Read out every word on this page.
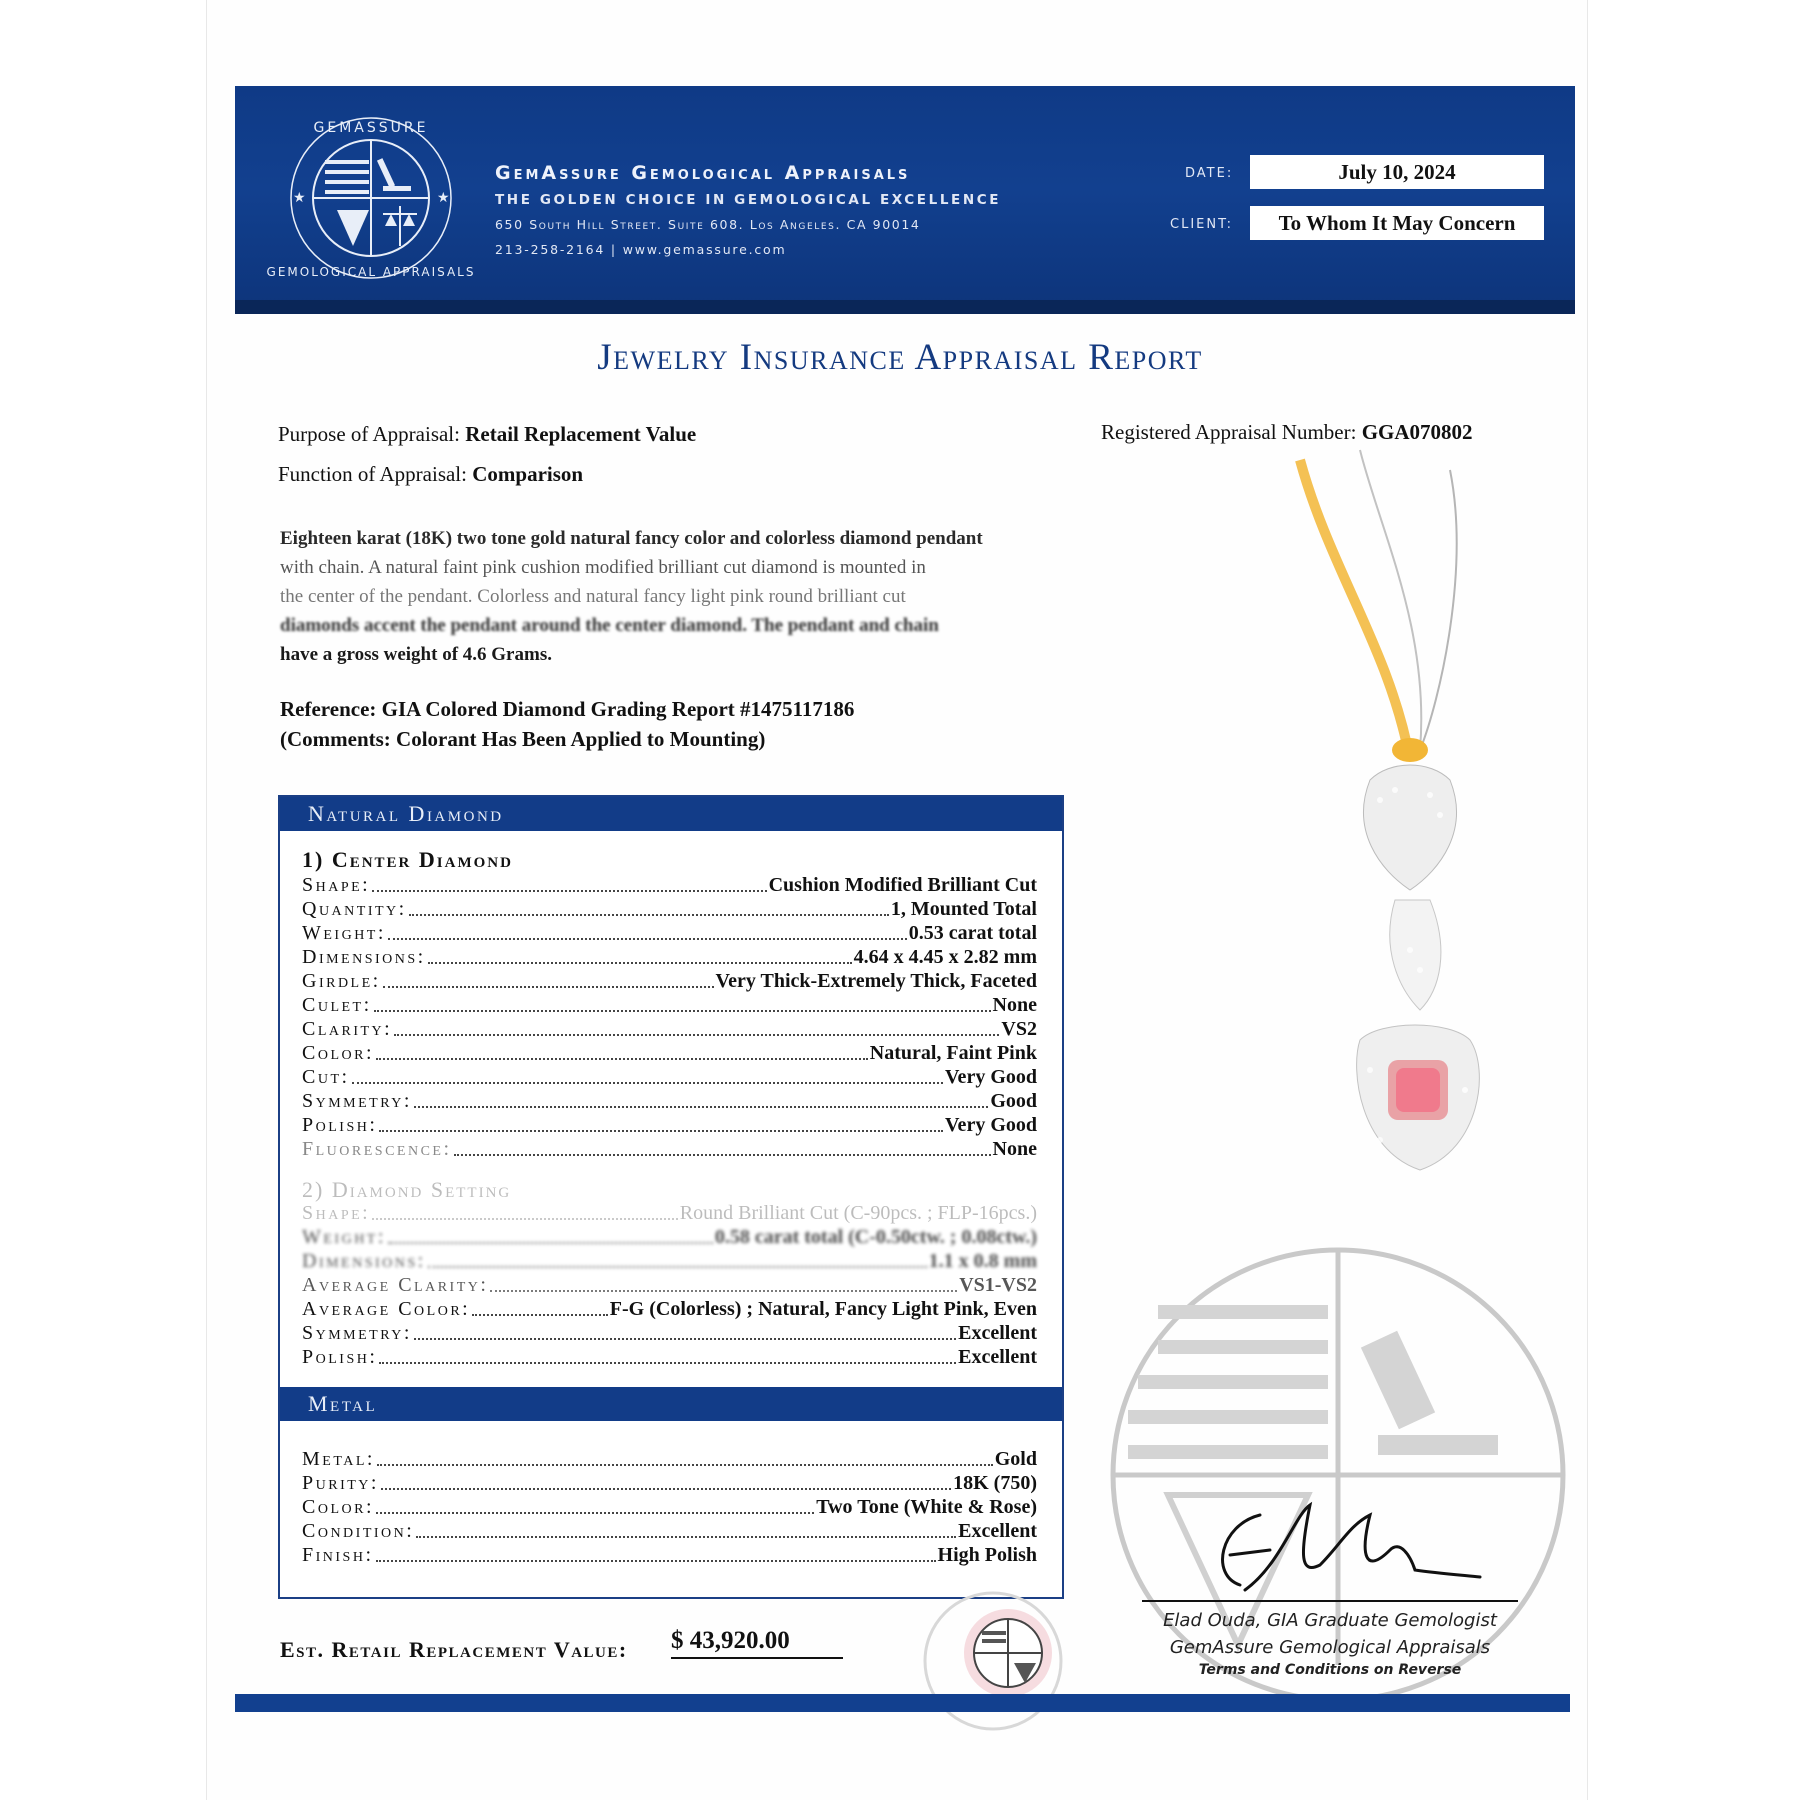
GEMASSURE
GEMOLOGICAL APPRAISALS
★	★
GemAssure Gemological Appraisals
THE GOLDEN CHOICE IN GEMOLOGICAL EXCELLENCE
650 South Hill Street. Suite 608. Los Angeles. CA 90014
213-258-2164 | www.gemassure.com
DATE:	July 10, 2024
CLIENT:	To Whom It May Concern
Jewelry Insurance Appraisal Report
Purpose of Appraisal: Retail Replacement Value
Function of Appraisal: Comparison
Registered Appraisal Number: GGA070802
Eighteen karat (18K) two tone gold natural fancy color and colorless diamond pendant
with chain. A natural faint pink cushion modified brilliant cut diamond is mounted in
the center of the pendant. Colorless and natural fancy light pink round brilliant cut
diamonds accent the pendant around the center diamond. The pendant and chain
have a gross weight of 4.6 Grams.
Reference: GIA Colored Diamond Grading Report #1475117186
(Comments: Colorant Has Been Applied to Mounting)
Natural Diamond
1) Center Diamond
Shape:	Cushion Modified Brilliant Cut
Quantity:	1, Mounted Total
Weight:	0.53 carat total
Dimensions:	4.64 x 4.45 x 2.82 mm
Girdle:	Very Thick-Extremely Thick, Faceted
Culet:	None
Clarity:	VS2
Color:	Natural, Faint Pink
Cut:	Very Good
Symmetry:	Good
Polish:	Very Good
Fluorescence:	None
2) Diamond Setting
Shape:	Round Brilliant Cut (C-90pcs. ; FLP-16pcs.)
Weight:	0.58 carat total (C-0.50ctw. ; 0.08ctw.)
Dimensions:	1.1 x 0.8 mm
Average Clarity:	VS1-VS2
Average Color:	F-G (Colorless) ; Natural, Fancy Light Pink, Even
Symmetry:	Excellent
Polish:	Excellent
Metal
Metal:	Gold
Purity:	18K (750)
Color:	Two Tone (White & Rose)
Condition:	Excellent
Finish:	High Polish
Est. Retail Replacement Value: $ 43,920.00
Elad Ouda, GIA Graduate Gemologist
GemAssure Gemological Appraisals
Terms and Conditions on Reverse
